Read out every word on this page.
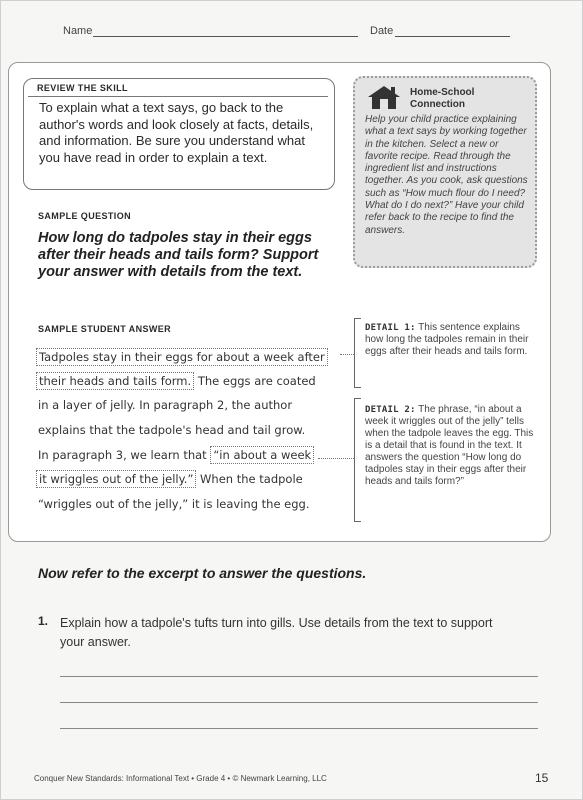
Name	Date
REVIEW THE SKILL
To explain what a text says, go back to the author's words and look closely at facts, details, and information. Be sure you understand what you have read in order to explain a text.
Home-School
Connection
Help your child practice explaining what a text says by working together in the kitchen. Select a new or favorite recipe. Read through the ingredient list and instructions together. As you cook, ask questions such as “How much flour do I need? What do I do next?” Have your child refer back to the recipe to find the answers.
SAMPLE QUESTION
How long do tadpoles stay in their eggs after their heads and tails form? Support your answer with details from the text.
SAMPLE STUDENT ANSWER
Tadpoles stay in their eggs for about a week after
their heads and tails form. The eggs are coated
in a layer of jelly. In paragraph 2, the author
explains that the tadpole's head and tail grow.
In paragraph 3, we learn that “in about a week
it wriggles out of the jelly.” When the tadpole
“wriggles out of the jelly,” it is leaving the egg.
DETAIL 1: This sentence explains how long the tadpoles remain in their eggs after their heads and tails form.
DETAIL 2: The phrase, “in about a week it wriggles out of the jelly” tells when the tadpole leaves the egg. This is a detail that is found in the text. It answers the question “How long do tadpoles stay in their eggs after their heads and tails form?”
Now refer to the excerpt to answer the questions.
1. Explain how a tadpole's tufts turn into gills. Use details from the text to support your answer.
Conquer New Standards: Informational Text • Grade 4 • © Newmark Learning, LLC	15
